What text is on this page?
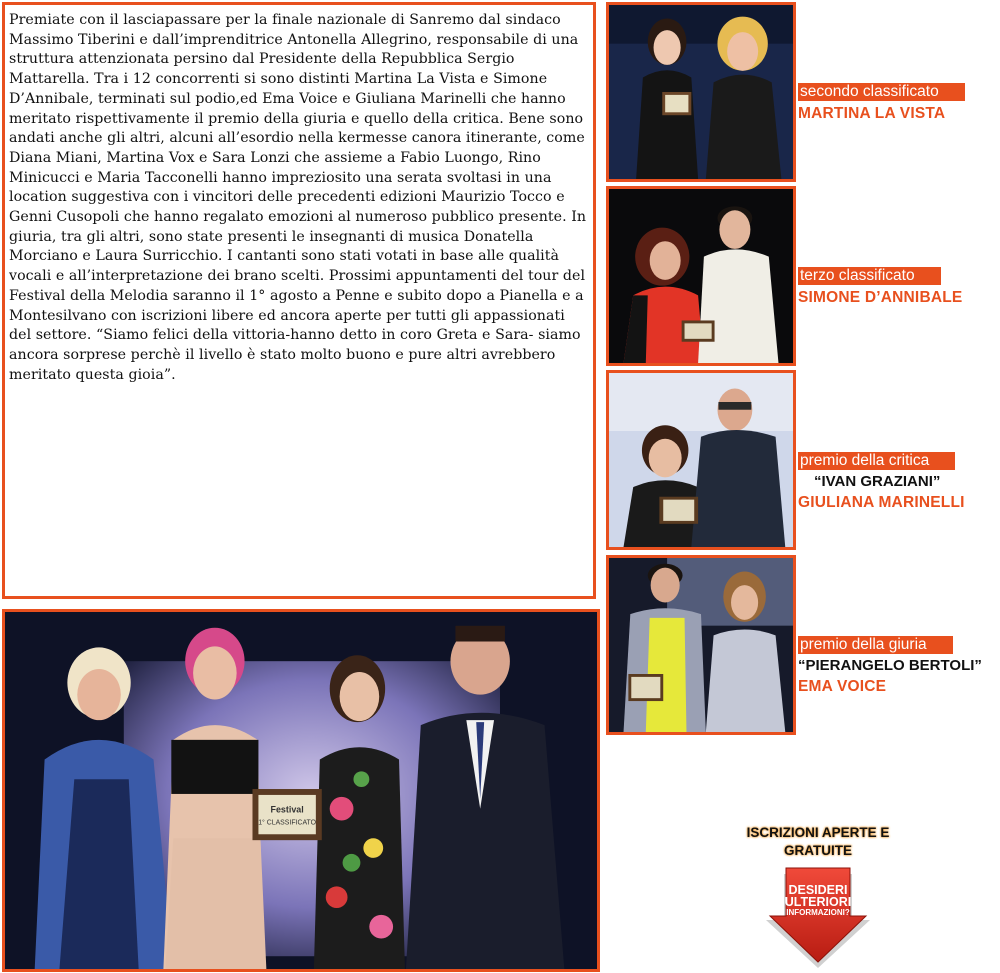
Premiate con il lasciapassare per la finale nazionale di Sanremo dal sindaco Massimo Tiberini e dall’imprenditrice Antonella Allegrino, responsabile di una struttura attenzionata persino dal Presidente della Repubblica Sergio Mattarella. Tra i 12 concorrenti si sono distinti Martina La Vista e Simone D’Annibale, terminati sul podio,ed Ema Voice e Giuliana Marinelli che hanno meritato rispettivamente il premio della giuria e quello della critica. Bene sono andati anche gli altri, alcuni all’esordio nella kermesse canora itinerante, come Diana Miani, Martina Vox e Sara Lonzi che assieme a Fabio Luongo, Rino Minicucci e Maria Tacconelli hanno impreziosito una serata svoltasi in una location suggestiva con i vincitori delle precedenti edizioni Maurizio Tocco e Genni Cusopoli che hanno regalato emozioni al numeroso pubblico presente. In giuria, tra gli altri, sono state presenti le insegnanti di musica Donatella Morciano e Laura Surricchio. I cantanti sono stati votati in base alle qualità vocali e all’interpretazione dei brano scelti. Prossimi appuntamenti del tour del Festival della Melodia saranno il 1° agosto a Penne e subito dopo a Pianella e a Montesilvano con iscrizioni libere ed ancora aperte per tutti gli appassionati del settore. “Siamo felici della vittoria-hanno detto in coro Greta e Sara- siamo ancora sorprese perchè il livello è stato molto buono e pure altri avrebbero meritato questa gioia”.
Festival
1° CLASSIFICATO
secondo classificato
MARTINA LA VISTA
terzo classificato
SIMONE D’ANNIBALE
premio della critica
“IVAN GRAZIANI”
GIULIANA MARINELLI
premio della giuria
“PIERANGELO BERTOLI”
EMA VOICE
ISCRIZIONI APERTE E
GRATUITE
DESIDERI
ULTERIORI
INFORMAZIONI?
